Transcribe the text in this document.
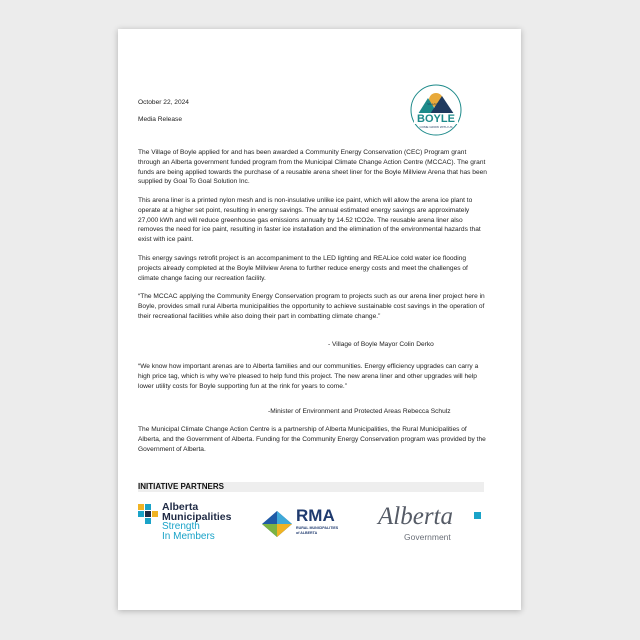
October 22, 2024
Media Release
VILLAGE OF
BOYLE
COME GROW WITH US
The Village of Boyle applied for and has been awarded a Community Energy Conservation (CEC) Program grant through an Alberta government funded program from the Municipal Climate Change Action Centre (MCCAC). The grant funds are being applied towards the purchase of a reusable arena sheet liner for the Boyle Millview Arena that has been supplied by Goal To Goal Solution Inc.
This arena liner is a printed nylon mesh and is non-insulative unlike ice paint, which will allow the arena ice plant to operate at a higher set point, resulting in energy savings. The annual estimated energy savings are approximately 27,000 kWh and will reduce greenhouse gas emissions annually by 14.52 tCO2e. The reusable arena liner also removes the need for ice paint, resulting in faster ice installation and the elimination of the environmental hazards that exist with ice paint.
This energy savings retrofit project is an accompaniment to the LED lighting and REALice cold water ice flooding projects already completed at the Boyle Millview Arena to further reduce energy costs and meet the challenges of climate change facing our recreation facility.
“The MCCAC applying the Community Energy Conservation program to projects such as our arena liner project here in Boyle, provides small rural Alberta municipalities the opportunity to achieve sustainable cost savings in the operation of their recreational facilities while also doing their part in combatting climate change.”
- Village of Boyle Mayor Colin Derko
“We know how important arenas are to Alberta families and our communities. Energy efficiency upgrades can carry a high price tag, which is why we’re pleased to help fund this project. The new arena liner and other upgrades will help lower utility costs for Boyle supporting fun at the rink for years to come.”
-Minister of Environment and Protected Areas Rebecca Schulz
The Municipal Climate Change Action Centre is a partnership of Alberta Municipalities, the Rural Municipalities of Alberta, and the Government of Alberta. Funding for the Community Energy Conservation program was provided by the Government of Alberta.
INITIATIVE PARTNERS
Alberta
Municipalities
Strength
In Members
RMA
RURAL MUNICIPALITIES
of ALBERTA
Alberta
Government
